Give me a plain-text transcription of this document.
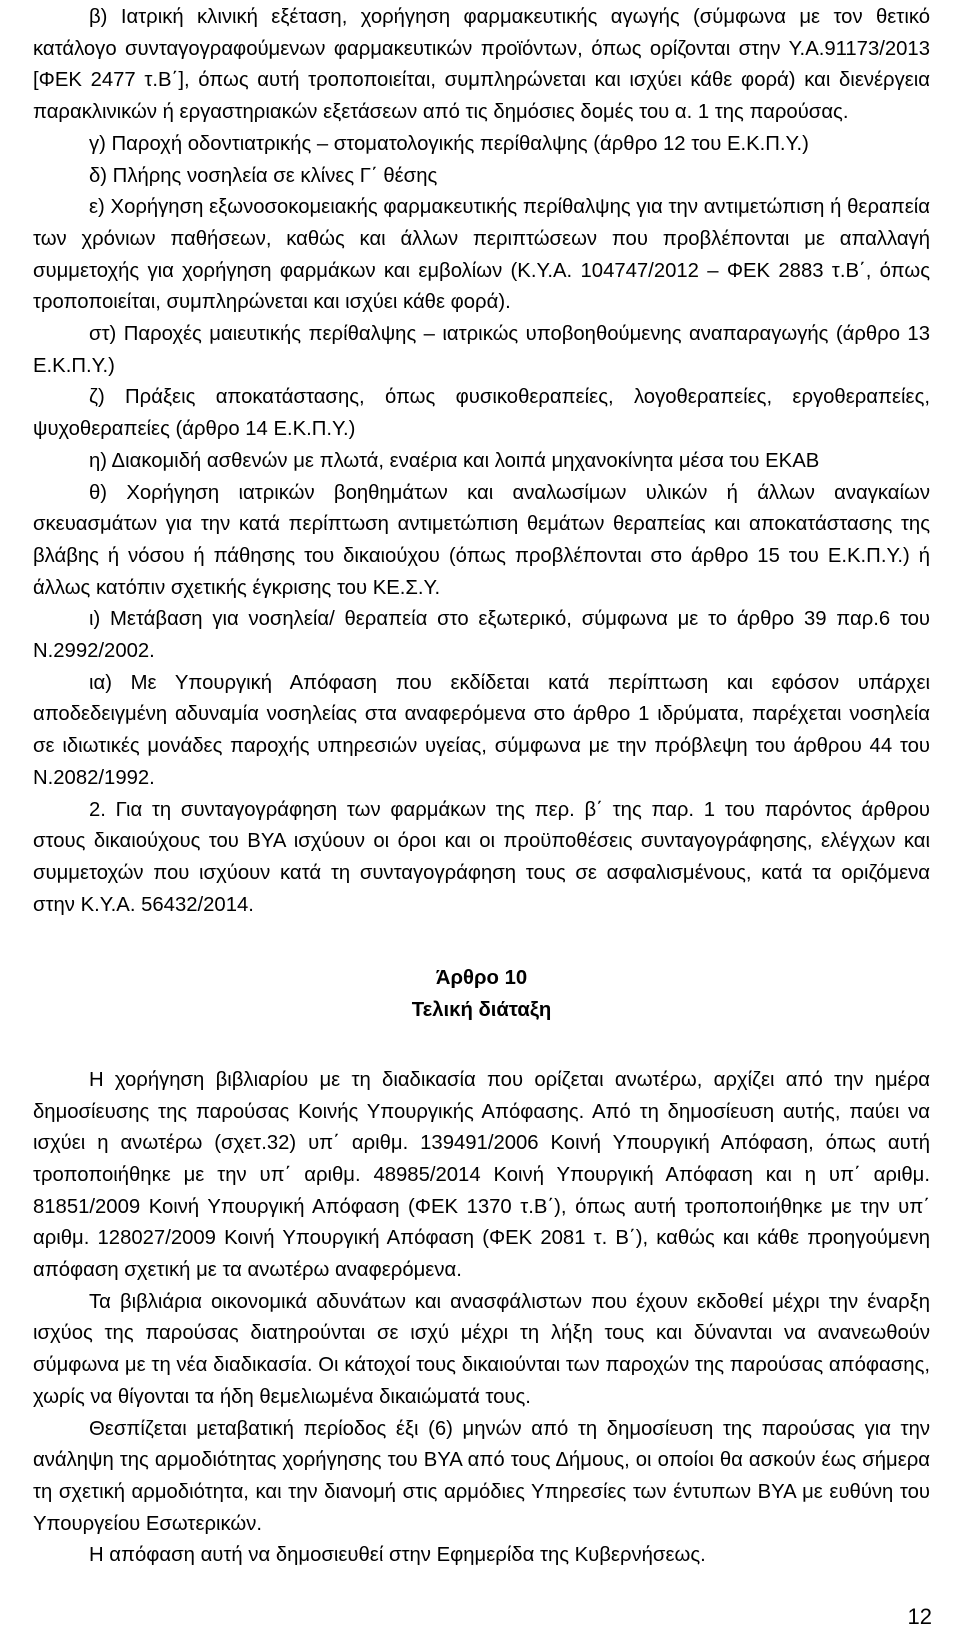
β) Ιατρική κλινική εξέταση, χορήγηση φαρμακευτικής αγωγής (σύμφωνα με τον θετικό κατάλογο συνταγογραφούμενων φαρμακευτικών προϊόντων, όπως ορίζονται στην Υ.Α.91173/2013 [ΦΕΚ 2477 τ.Β΄], όπως αυτή τροποποιείται, συμπληρώνεται και ισχύει κάθε φορά) και διενέργεια παρακλινικών ή εργαστηριακών εξετάσεων από τις δημόσιες δομές του α. 1 της παρούσας.

γ) Παροχή οδοντιατρικής – στοματολογικής περίθαλψης (άρθρο 12 του Ε.Κ.Π.Υ.)

δ) Πλήρης νοσηλεία σε κλίνες Γ΄ θέσης

ε) Χορήγηση εξωνοσοκομειακής φαρμακευτικής περίθαλψης για την αντιμετώπιση ή θεραπεία των χρόνιων παθήσεων, καθώς και άλλων περιπτώσεων που προβλέπονται με απαλλαγή συμμετοχής για χορήγηση φαρμάκων και εμβολίων (Κ.Υ.Α. 104747/2012 – ΦΕΚ 2883 τ.Β΄, όπως τροποποιείται, συμπληρώνεται και ισχύει κάθε φορά).

στ) Παροχές μαιευτικής περίθαλψης – ιατρικώς υποβοηθούμενης αναπαραγωγής (άρθρο 13 Ε.Κ.Π.Υ.)

ζ) Πράξεις αποκατάστασης, όπως φυσικοθεραπείες, λογοθεραπείες, εργοθεραπείες, ψυχοθεραπείες (άρθρο 14 Ε.Κ.Π.Υ.)

η) Διακομιδή ασθενών με πλωτά, εναέρια και λοιπά μηχανοκίνητα μέσα του ΕΚΑΒ

θ) Χορήγηση ιατρικών βοηθημάτων και αναλωσίμων υλικών ή άλλων αναγκαίων σκευασμάτων για την κατά περίπτωση αντιμετώπιση θεμάτων θεραπείας και αποκατάστασης της βλάβης ή νόσου ή πάθησης του δικαιούχου (όπως προβλέπονται στο άρθρο 15 του Ε.Κ.Π.Υ.) ή άλλως κατόπιν σχετικής έγκρισης του ΚΕ.Σ.Υ.

ι) Μετάβαση για νοσηλεία/ θεραπεία στο εξωτερικό, σύμφωνα με το άρθρο 39 παρ.6 του Ν.2992/2002.

ια) Με Υπουργική Απόφαση που εκδίδεται κατά περίπτωση και εφόσον υπάρχει αποδεδειγμένη αδυναμία νοσηλείας στα αναφερόμενα στο άρθρο 1 ιδρύματα, παρέχεται νοσηλεία σε ιδιωτικές μονάδες παροχής υπηρεσιών υγείας, σύμφωνα με την πρόβλεψη του άρθρου 44 του Ν.2082/1992.

2. Για τη συνταγογράφηση των φαρμάκων της περ. β΄ της παρ. 1 του παρόντος άρθρου στους δικαιούχους του ΒΥΑ ισχύουν οι όροι και οι προϋποθέσεις συνταγογράφησης, ελέγχων και συμμετοχών που ισχύουν κατά τη συνταγογράφηση τους σε ασφαλισμένους, κατά τα οριζόμενα στην Κ.Υ.Α. 56432/2014.

Άρθρο 10

Τελική διάταξη

Η χορήγηση βιβλιαρίου με τη διαδικασία που ορίζεται ανωτέρω, αρχίζει από την ημέρα δημοσίευσης της παρούσας Κοινής Υπουργικής Απόφασης. Από τη δημοσίευση αυτής, παύει να ισχύει η ανωτέρω (σχετ.32) υπ΄ αριθμ. 139491/2006 Κοινή Υπουργική Απόφαση, όπως αυτή τροποποιήθηκε με την υπ΄ αριθμ. 48985/2014 Κοινή Υπουργική Απόφαση και η υπ΄ αριθμ. 81851/2009 Κοινή Υπουργική Απόφαση (ΦΕΚ 1370 τ.Β΄), όπως αυτή τροποποιήθηκε με την υπ΄ αριθμ. 128027/2009 Κοινή Υπουργική Απόφαση (ΦΕΚ 2081 τ. Β΄), καθώς και κάθε προηγούμενη απόφαση σχετική με τα ανωτέρω αναφερόμενα.

Τα βιβλιάρια οικονομικά αδυνάτων και ανασφάλιστων που έχουν εκδοθεί μέχρι την έναρξη ισχύος της παρούσας διατηρούνται σε ισχύ μέχρι τη λήξη τους και δύνανται να ανανεωθούν σύμφωνα με τη νέα διαδικασία. Οι κάτοχοί τους δικαιούνται των παροχών της παρούσας απόφασης, χωρίς να θίγονται τα ήδη θεμελιωμένα δικαιώματά τους.

Θεσπίζεται μεταβατική περίοδος έξι (6) μηνών από τη δημοσίευση της παρούσας για την ανάληψη της αρμοδιότητας χορήγησης του ΒΥΑ από τους Δήμους, οι οποίοι θα ασκούν έως σήμερα τη σχετική αρμοδιότητα, και την διανομή στις αρμόδιες Υπηρεσίες των έντυπων ΒΥΑ με ευθύνη του Υπουργείου Εσωτερικών.

Η απόφαση αυτή να δημοσιευθεί στην Εφημερίδα της Κυβερνήσεως.

12
